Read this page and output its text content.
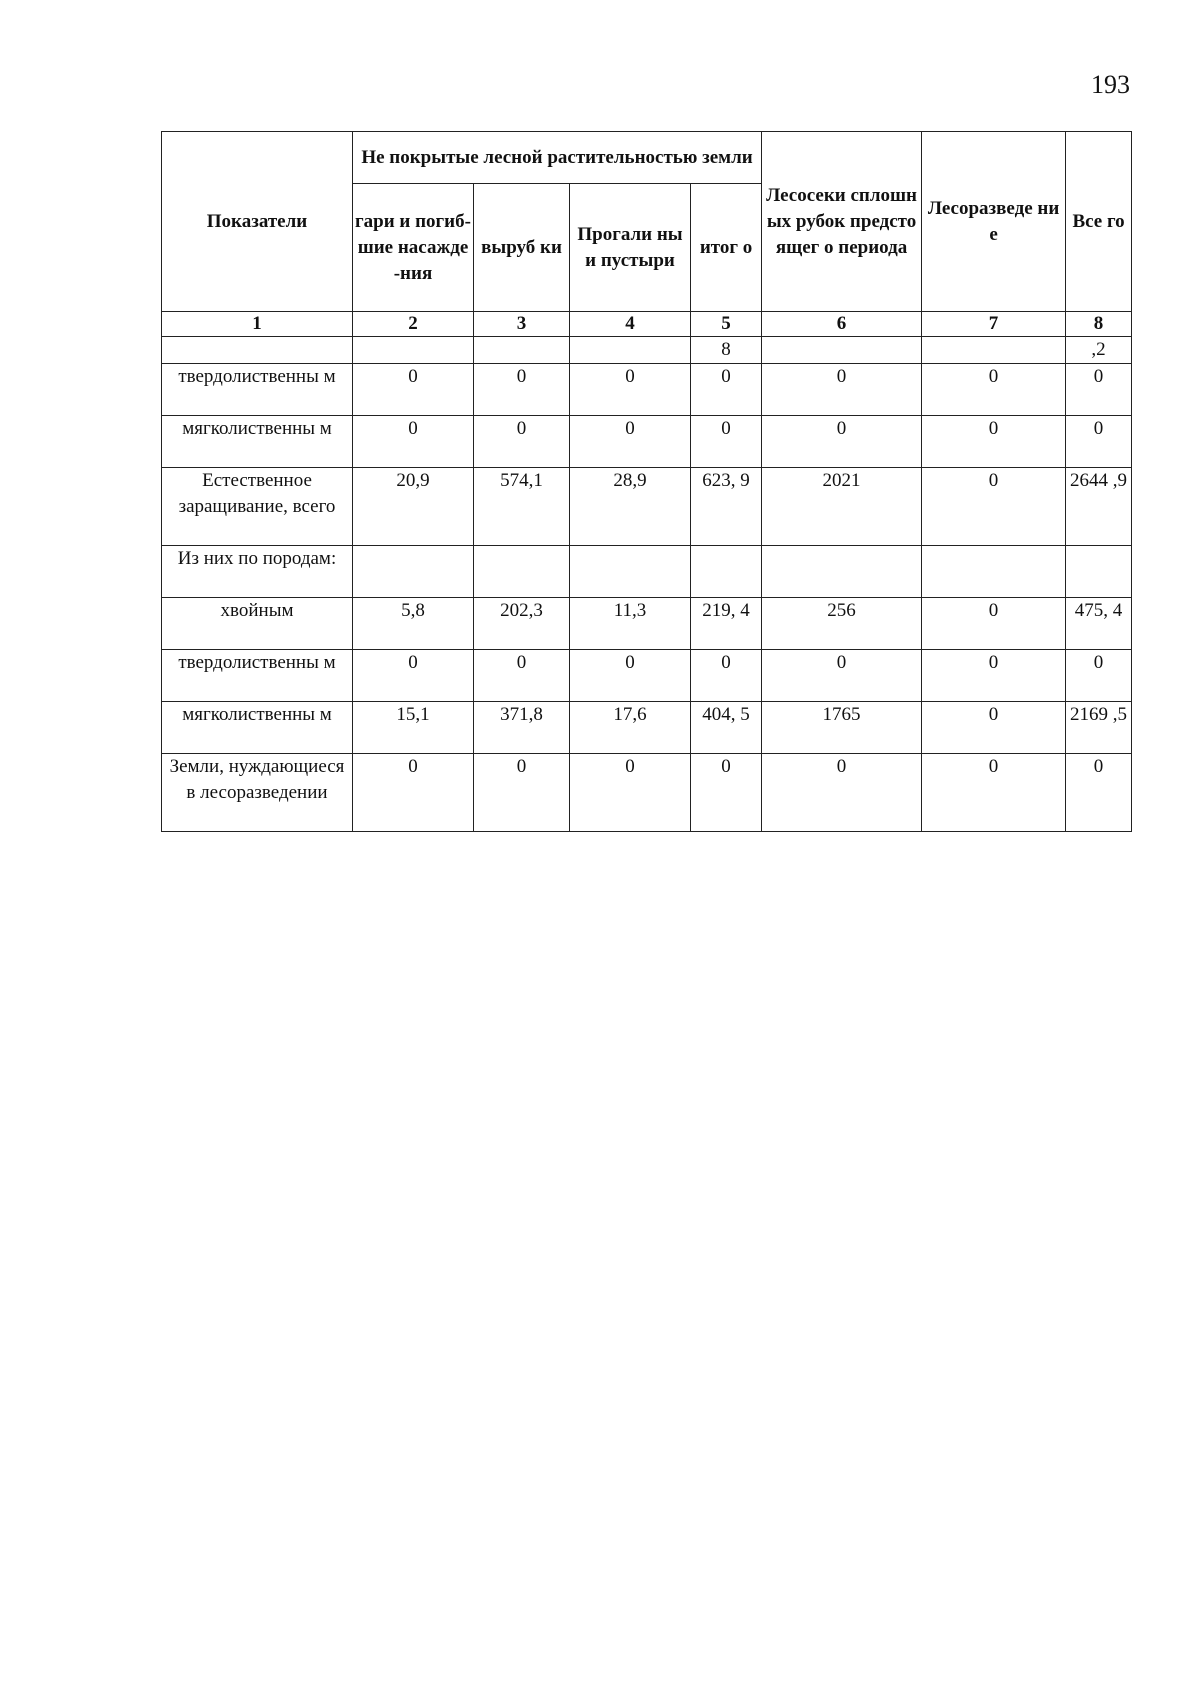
193
Показатели	Не покрытые лесной растительностью земли				Лесосеки сплошных рубок предстоящег о периода	Лесоразведе ние	Все го
	гари и погиб-шие насажде-ния	выруб ки	Прогали ны и пустыри	итог о			
1	2	3	4	5	6	7	8
				8			,2
твердолиственны м	0	0	0	0	0	0	0
мягколиственны м	0	0	0	0	0	0	0
Естественное заращивание, всего	20,9	574,1	28,9	623, 9	2021	0	2644 ,9
Из них по породам:							
хвойным	5,8	202,3	11,3	219, 4	256	0	475, 4
твердолиственны м	0	0	0	0	0	0	0
мягколиственны м	15,1	371,8	17,6	404, 5	1765	0	2169 ,5
Земли, нуждающиеся в лесоразведении	0	0	0	0	0	0	0
